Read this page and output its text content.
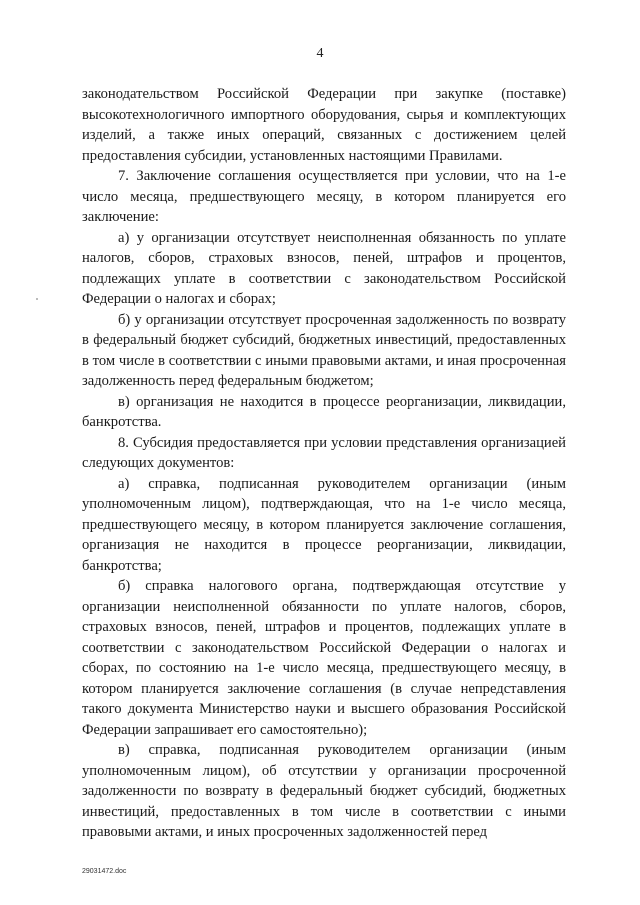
4

законодательством Российской Федерации при закупке (поставке) высокотехнологичного импортного оборудования, сырья и комплектующих изделий, а также иных операций, связанных с достижением целей предоставления субсидии, установленных настоящими Правилами.

7. Заключение соглашения осуществляется при условии, что на 1-е число месяца, предшествующего месяцу, в котором планируется его заключение:

а) у организации отсутствует неисполненная обязанность по уплате налогов, сборов, страховых взносов, пеней, штрафов и процентов, подлежащих уплате в соответствии с законодательством Российской Федерации о налогах и сборах;

б) у организации отсутствует просроченная задолженность по возврату в федеральный бюджет субсидий, бюджетных инвестиций, предоставленных в том числе в соответствии с иными правовыми актами, и иная просроченная задолженность перед федеральным бюджетом;

в) организация не находится в процессе реорганизации, ликвидации, банкротства.

8. Субсидия предоставляется при условии представления организацией следующих документов:

а) справка, подписанная руководителем организации (иным уполномоченным лицом), подтверждающая, что на 1-е число месяца, предшествующего месяцу, в котором планируется заключение соглашения, организация не находится в процессе реорганизации, ликвидации, банкротства;

б) справка налогового органа, подтверждающая отсутствие у организации неисполненной обязанности по уплате налогов, сборов, страховых взносов, пеней, штрафов и процентов, подлежащих уплате в соответствии с законодательством Российской Федерации о налогах и сборах, по состоянию на 1-е число месяца, предшествующего месяцу, в котором планируется заключение соглашения (в случае непредставления такого документа Министерство науки и высшего образования Российской Федерации запрашивает его самостоятельно);

в) справка, подписанная руководителем организации (иным уполномоченным лицом), об отсутствии у организации просроченной задолженности по возврату в федеральный бюджет субсидий, бюджетных инвестиций, предоставленных в том числе в соответствии с иными правовыми актами, и иных просроченных задолженностей перед

29031472.doc
